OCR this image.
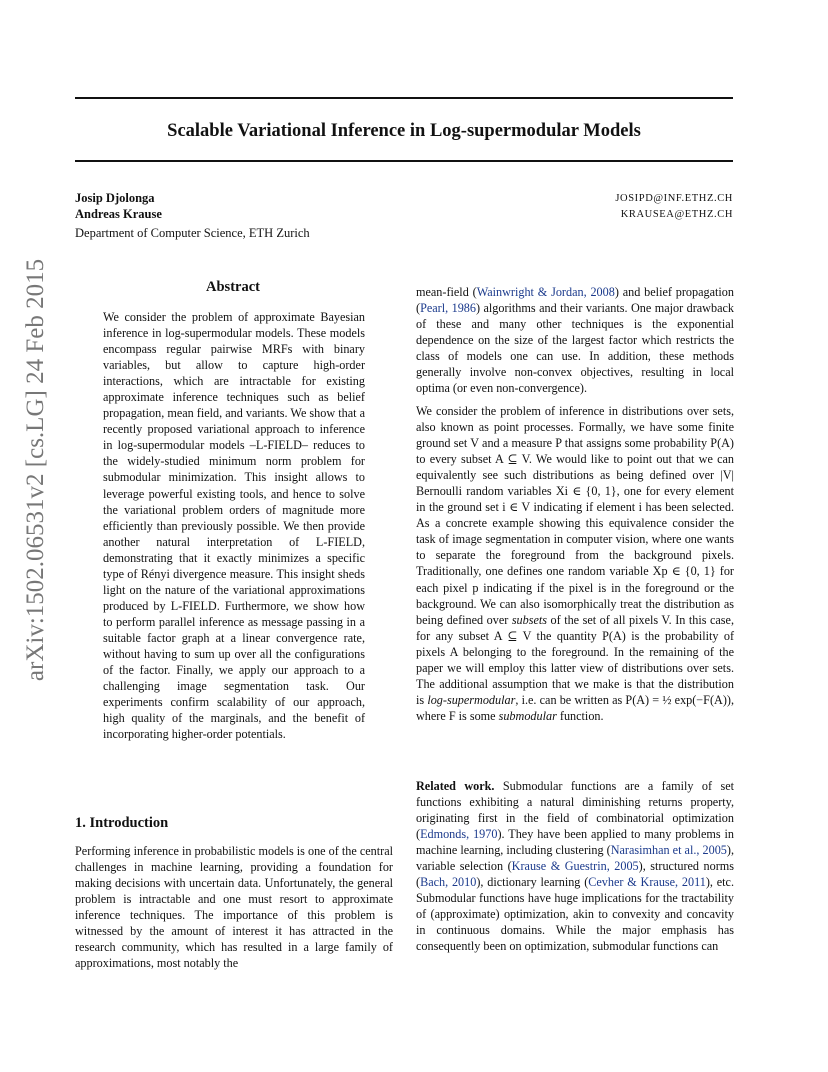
Scalable Variational Inference in Log-supermodular Models
Josip Djolonga
Andreas Krause
JOSIPD@INF.ETHZ.CH
KRAUSEA@ETHZ.CH
Department of Computer Science, ETH Zurich
arXiv:1502.06531v2 [cs.LG] 24 Feb 2015	Abstract

We consider the problem of approximate Bayesian inference in log-supermodular models. These models encompass regular pairwise MRFs with binary variables, but allow to capture high-order interactions, which are intractable for existing approximate inference techniques such as belief propagation, mean field, and variants. We show that a recently proposed variational approach to inference in log-supermodular models –L-FIELD– reduces to the widely-studied minimum norm problem for submodular minimization. This insight allows to leverage powerful existing tools, and hence to solve the variational problem orders of magnitude more efficiently than previously possible. We then provide another natural interpretation of L-FIELD, demonstrating that it exactly minimizes a specific type of Rényi divergence measure. This insight sheds light on the nature of the variational approximations produced by L-FIELD. Furthermore, we show how to perform parallel inference as message passing in a suitable factor graph at a linear convergence rate, without having to sum up over all the configurations of the factor. Finally, we apply our approach to a challenging image segmentation task. Our experiments confirm scalability of our approach, high quality of the marginals, and the benefit of incorporating higher-order potentials.

1. Introduction

Performing inference in probabilistic models is one of the central challenges in machine learning, providing a foundation for making decisions with uncertain data. Unfortunately, the general problem is intractable and one must resort to approximate inference techniques. The importance of this problem is witnessed by the amount of interest it has attracted in the research community, which has resulted in a large family of approximations, most notably the

mean-field (Wainwright & Jordan, 2008) and belief propagation (Pearl, 1986) algorithms and their variants. One major drawback of these and many other techniques is the exponential dependence on the size of the largest factor which restricts the class of models one can use. In addition, these methods generally involve non-convex objectives, resulting in local optima (or even non-convergence).

We consider the problem of inference in distributions over sets, also known as point processes. Formally, we have some finite ground set V and a measure P that assigns some probability P(A) to every subset A ⊆ V. We would like to point out that we can equivalently see such distributions as being defined over |V| Bernoulli random variables Xi ∈ {0, 1}, one for every element in the ground set i ∈ V indicating if element i has been selected. As a concrete example showing this equivalence consider the task of image segmentation in computer vision, where one wants to separate the foreground from the background pixels. Traditionally, one defines one random variable Xp ∈ {0, 1} for each pixel p indicating if the pixel is in the foreground or the background. We can also isomorphically treat the distribution as being defined over subsets of the set of all pixels V. In this case, for any subset A ⊆ V the quantity P(A) is the probability of pixels A belonging to the foreground. In the remaining of the paper we will employ this latter view of distributions over sets. The additional assumption that we make is that the distribution is log-supermodular, i.e. can be written as P(A) = ½ exp(−F(A)), where F is some submodular function.

Related work. Submodular functions are a family of set functions exhibiting a natural diminishing returns property, originating first in the field of combinatorial optimization (Edmonds, 1970). They have been applied to many problems in machine learning, including clustering (Narasimhan et al., 2005), variable selection (Krause & Guestrin, 2005), structured norms (Bach, 2010), dictionary learning (Cevher & Krause, 2011), etc. Submodular functions have huge implications for the tractability of (approximate) optimization, akin to convexity and concavity in continuous domains. While the major emphasis has consequently been on optimization, submodular functions can
